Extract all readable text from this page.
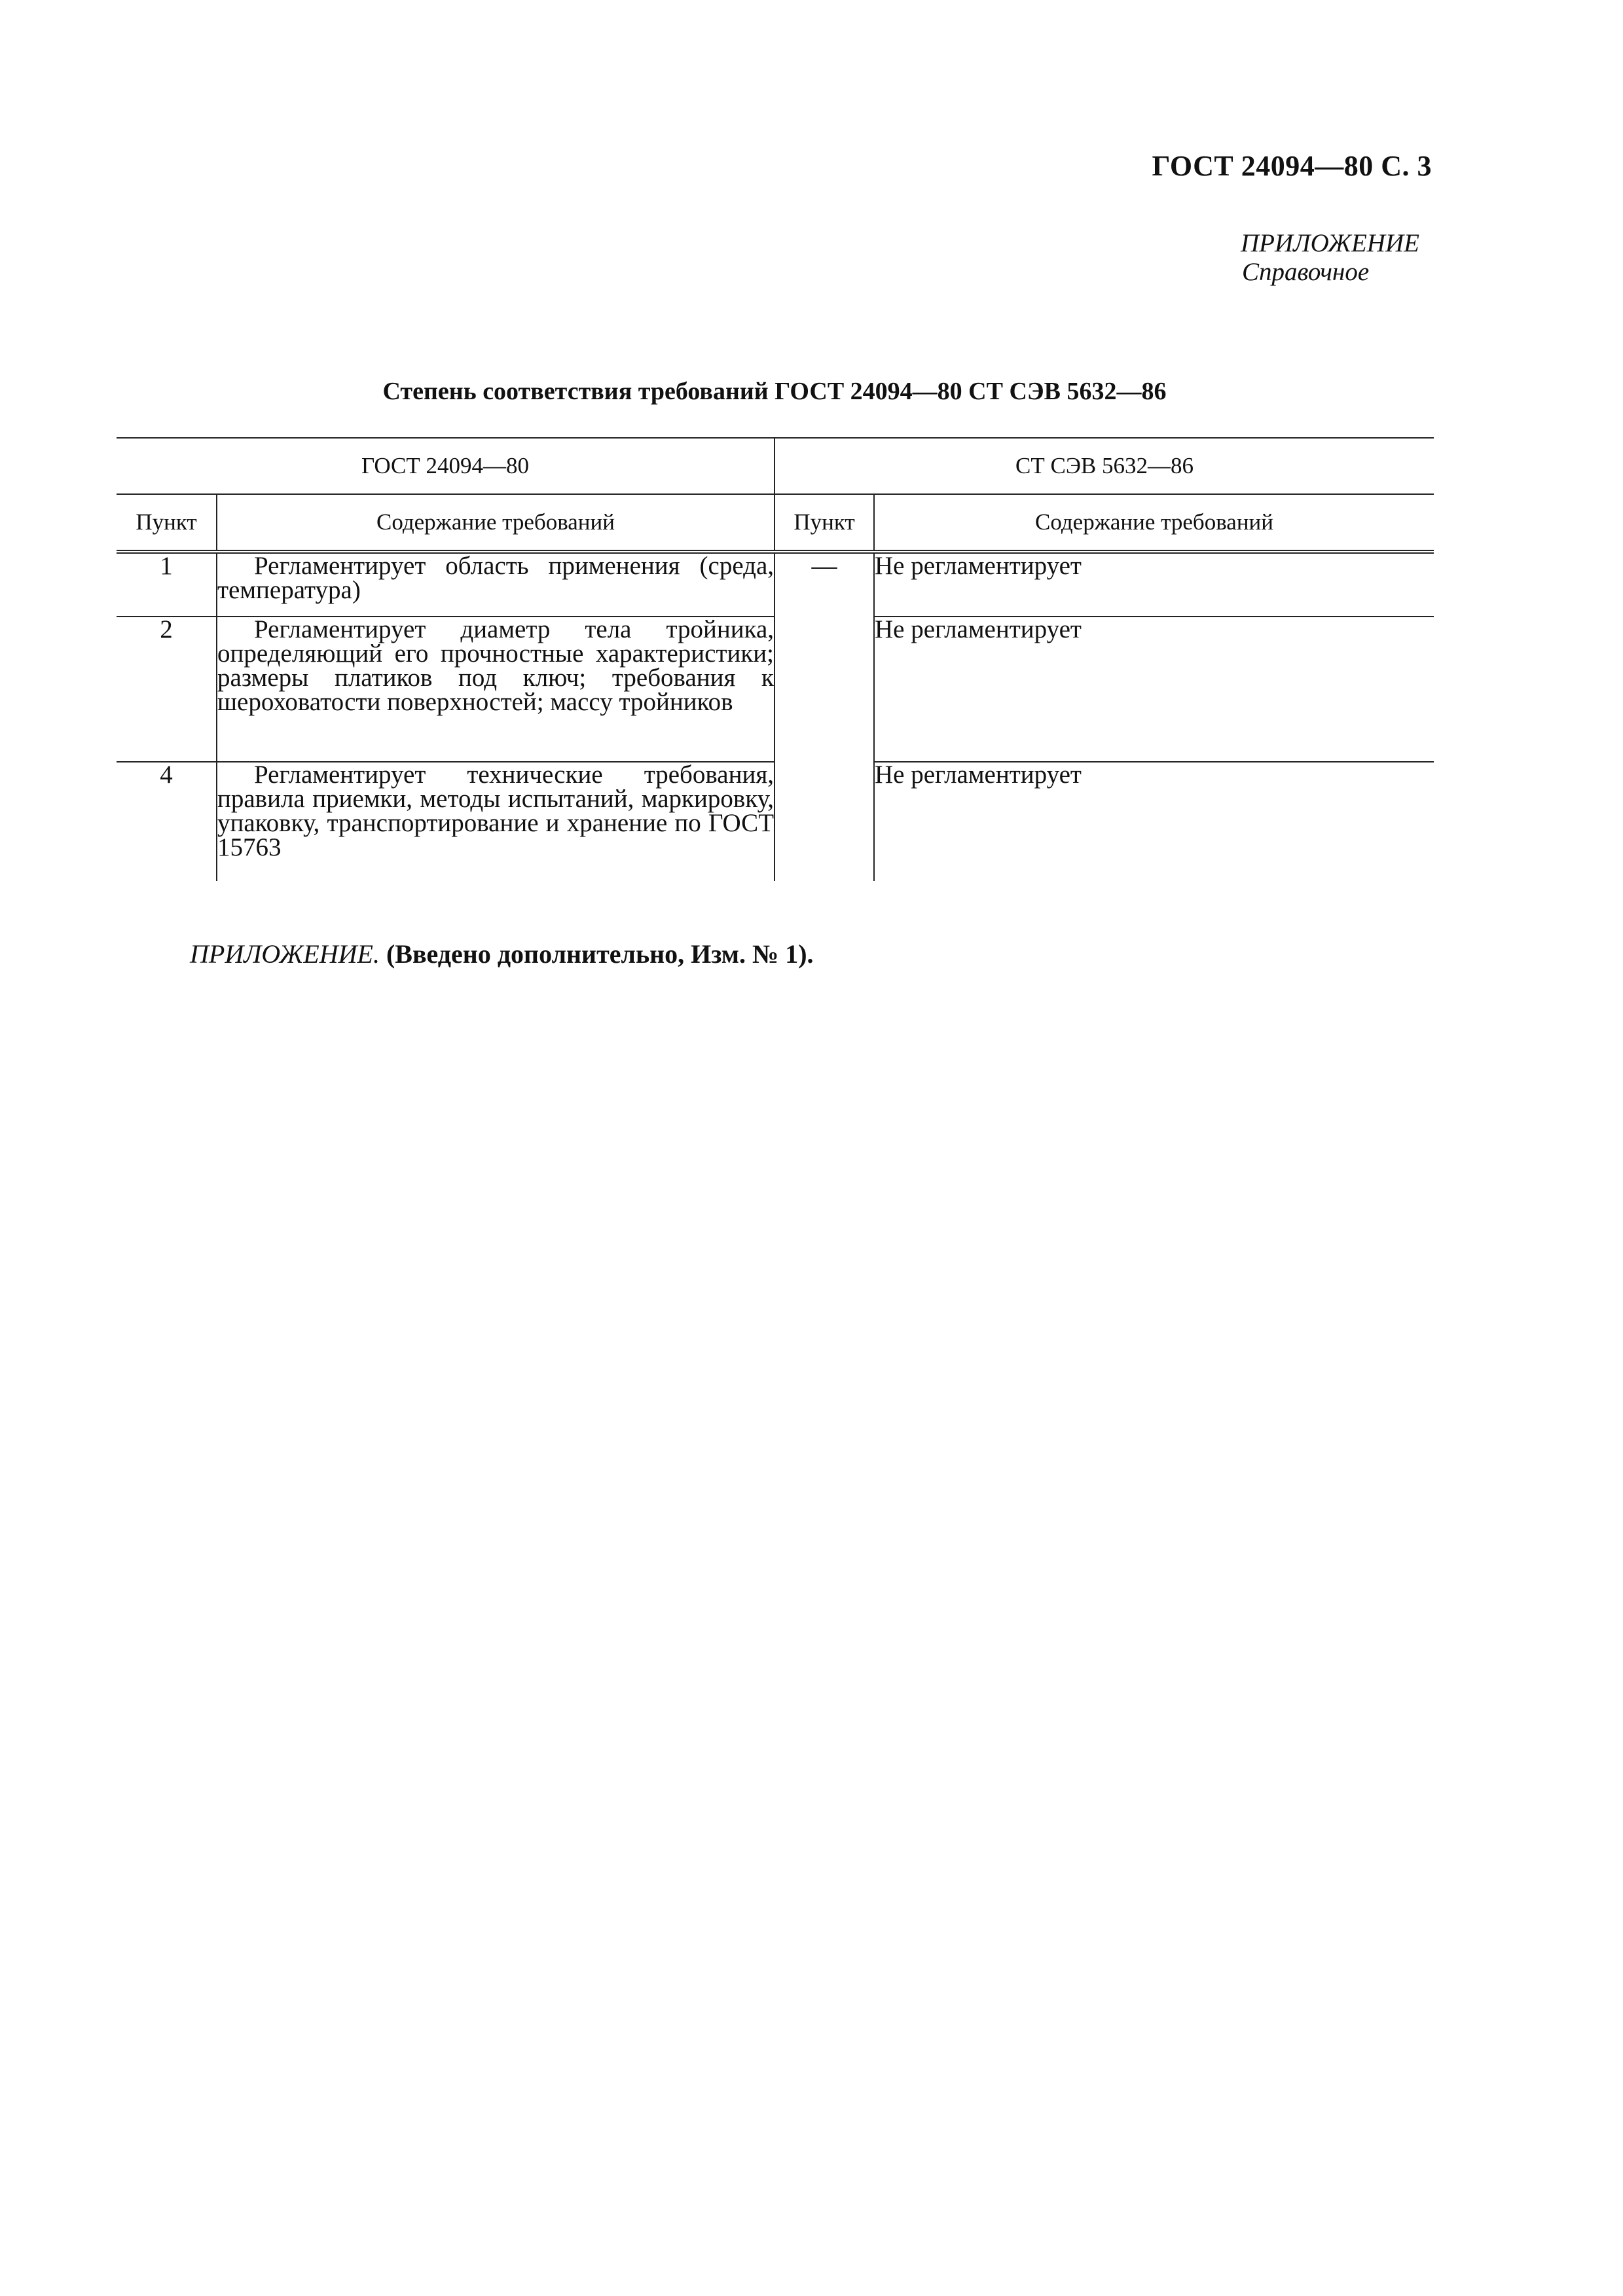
ГОСТ 24094—80 С. 3
ПРИЛОЖЕНИЕ
Справочное
Степень соответствия требований ГОСТ 24094—80 СТ СЭВ 5632—86
ГОСТ 24094—80		СТ СЭВ 5632—86	
Пункт	Содержание требований	Пункт	Содержание требований
1	Регламентирует область применения (среда, температура)	—	Не регламентирует
2	Регламентирует диаметр тела тройника, определяющий его прочностные характеристики; размеры платиков под ключ; требования к шероховатости поверхностей; массу тройников		Не регламентирует
4	Регламентирует технические требования, правила приемки, методы испытаний, маркировку, упаковку, транспортирование и хранение по ГОСТ 15763		Не регламентирует
ПРИЛОЖЕНИЕ. (Введено дополнительно, Изм. № 1).
